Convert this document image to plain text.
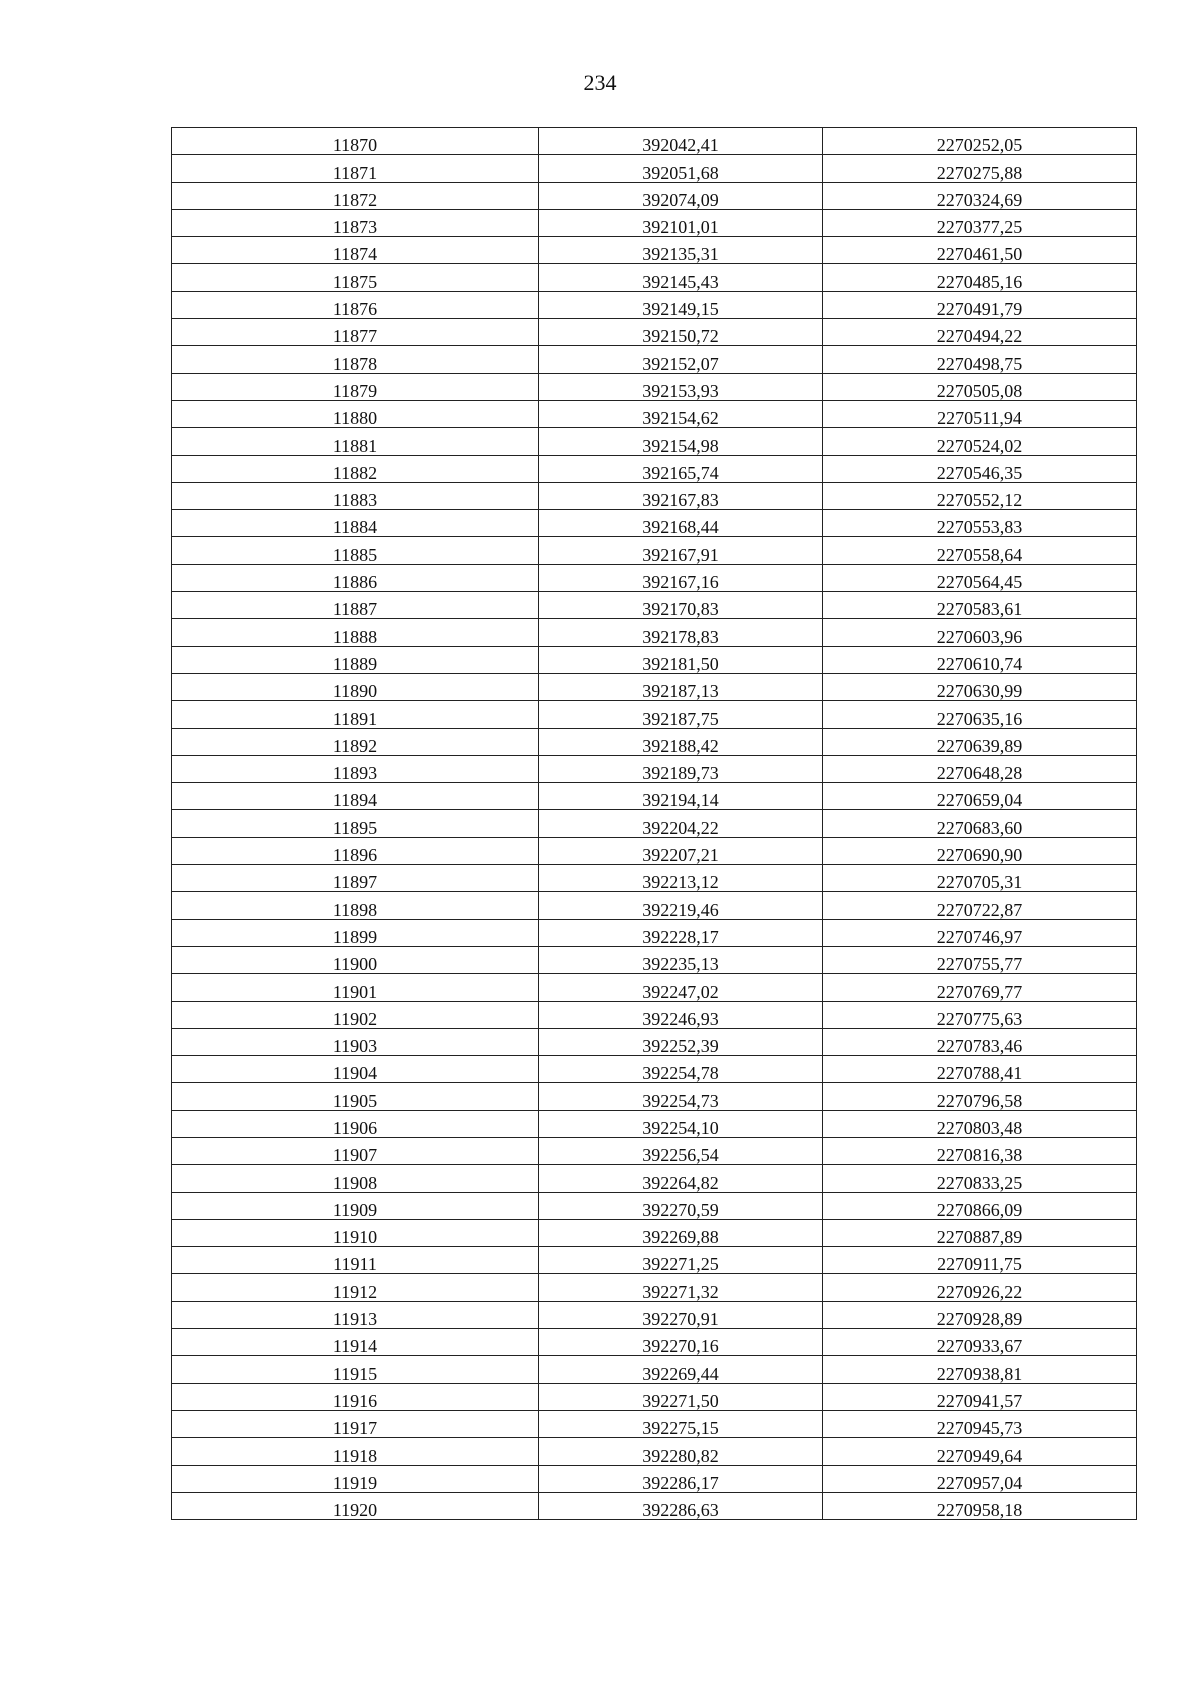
234
11870	392042,41	2270252,05
11871	392051,68	2270275,88
11872	392074,09	2270324,69
11873	392101,01	2270377,25
11874	392135,31	2270461,50
11875	392145,43	2270485,16
11876	392149,15	2270491,79
11877	392150,72	2270494,22
11878	392152,07	2270498,75
11879	392153,93	2270505,08
11880	392154,62	2270511,94
11881	392154,98	2270524,02
11882	392165,74	2270546,35
11883	392167,83	2270552,12
11884	392168,44	2270553,83
11885	392167,91	2270558,64
11886	392167,16	2270564,45
11887	392170,83	2270583,61
11888	392178,83	2270603,96
11889	392181,50	2270610,74
11890	392187,13	2270630,99
11891	392187,75	2270635,16
11892	392188,42	2270639,89
11893	392189,73	2270648,28
11894	392194,14	2270659,04
11895	392204,22	2270683,60
11896	392207,21	2270690,90
11897	392213,12	2270705,31
11898	392219,46	2270722,87
11899	392228,17	2270746,97
11900	392235,13	2270755,77
11901	392247,02	2270769,77
11902	392246,93	2270775,63
11903	392252,39	2270783,46
11904	392254,78	2270788,41
11905	392254,73	2270796,58
11906	392254,10	2270803,48
11907	392256,54	2270816,38
11908	392264,82	2270833,25
11909	392270,59	2270866,09
11910	392269,88	2270887,89
11911	392271,25	2270911,75
11912	392271,32	2270926,22
11913	392270,91	2270928,89
11914	392270,16	2270933,67
11915	392269,44	2270938,81
11916	392271,50	2270941,57
11917	392275,15	2270945,73
11918	392280,82	2270949,64
11919	392286,17	2270957,04
11920	392286,63	2270958,18
